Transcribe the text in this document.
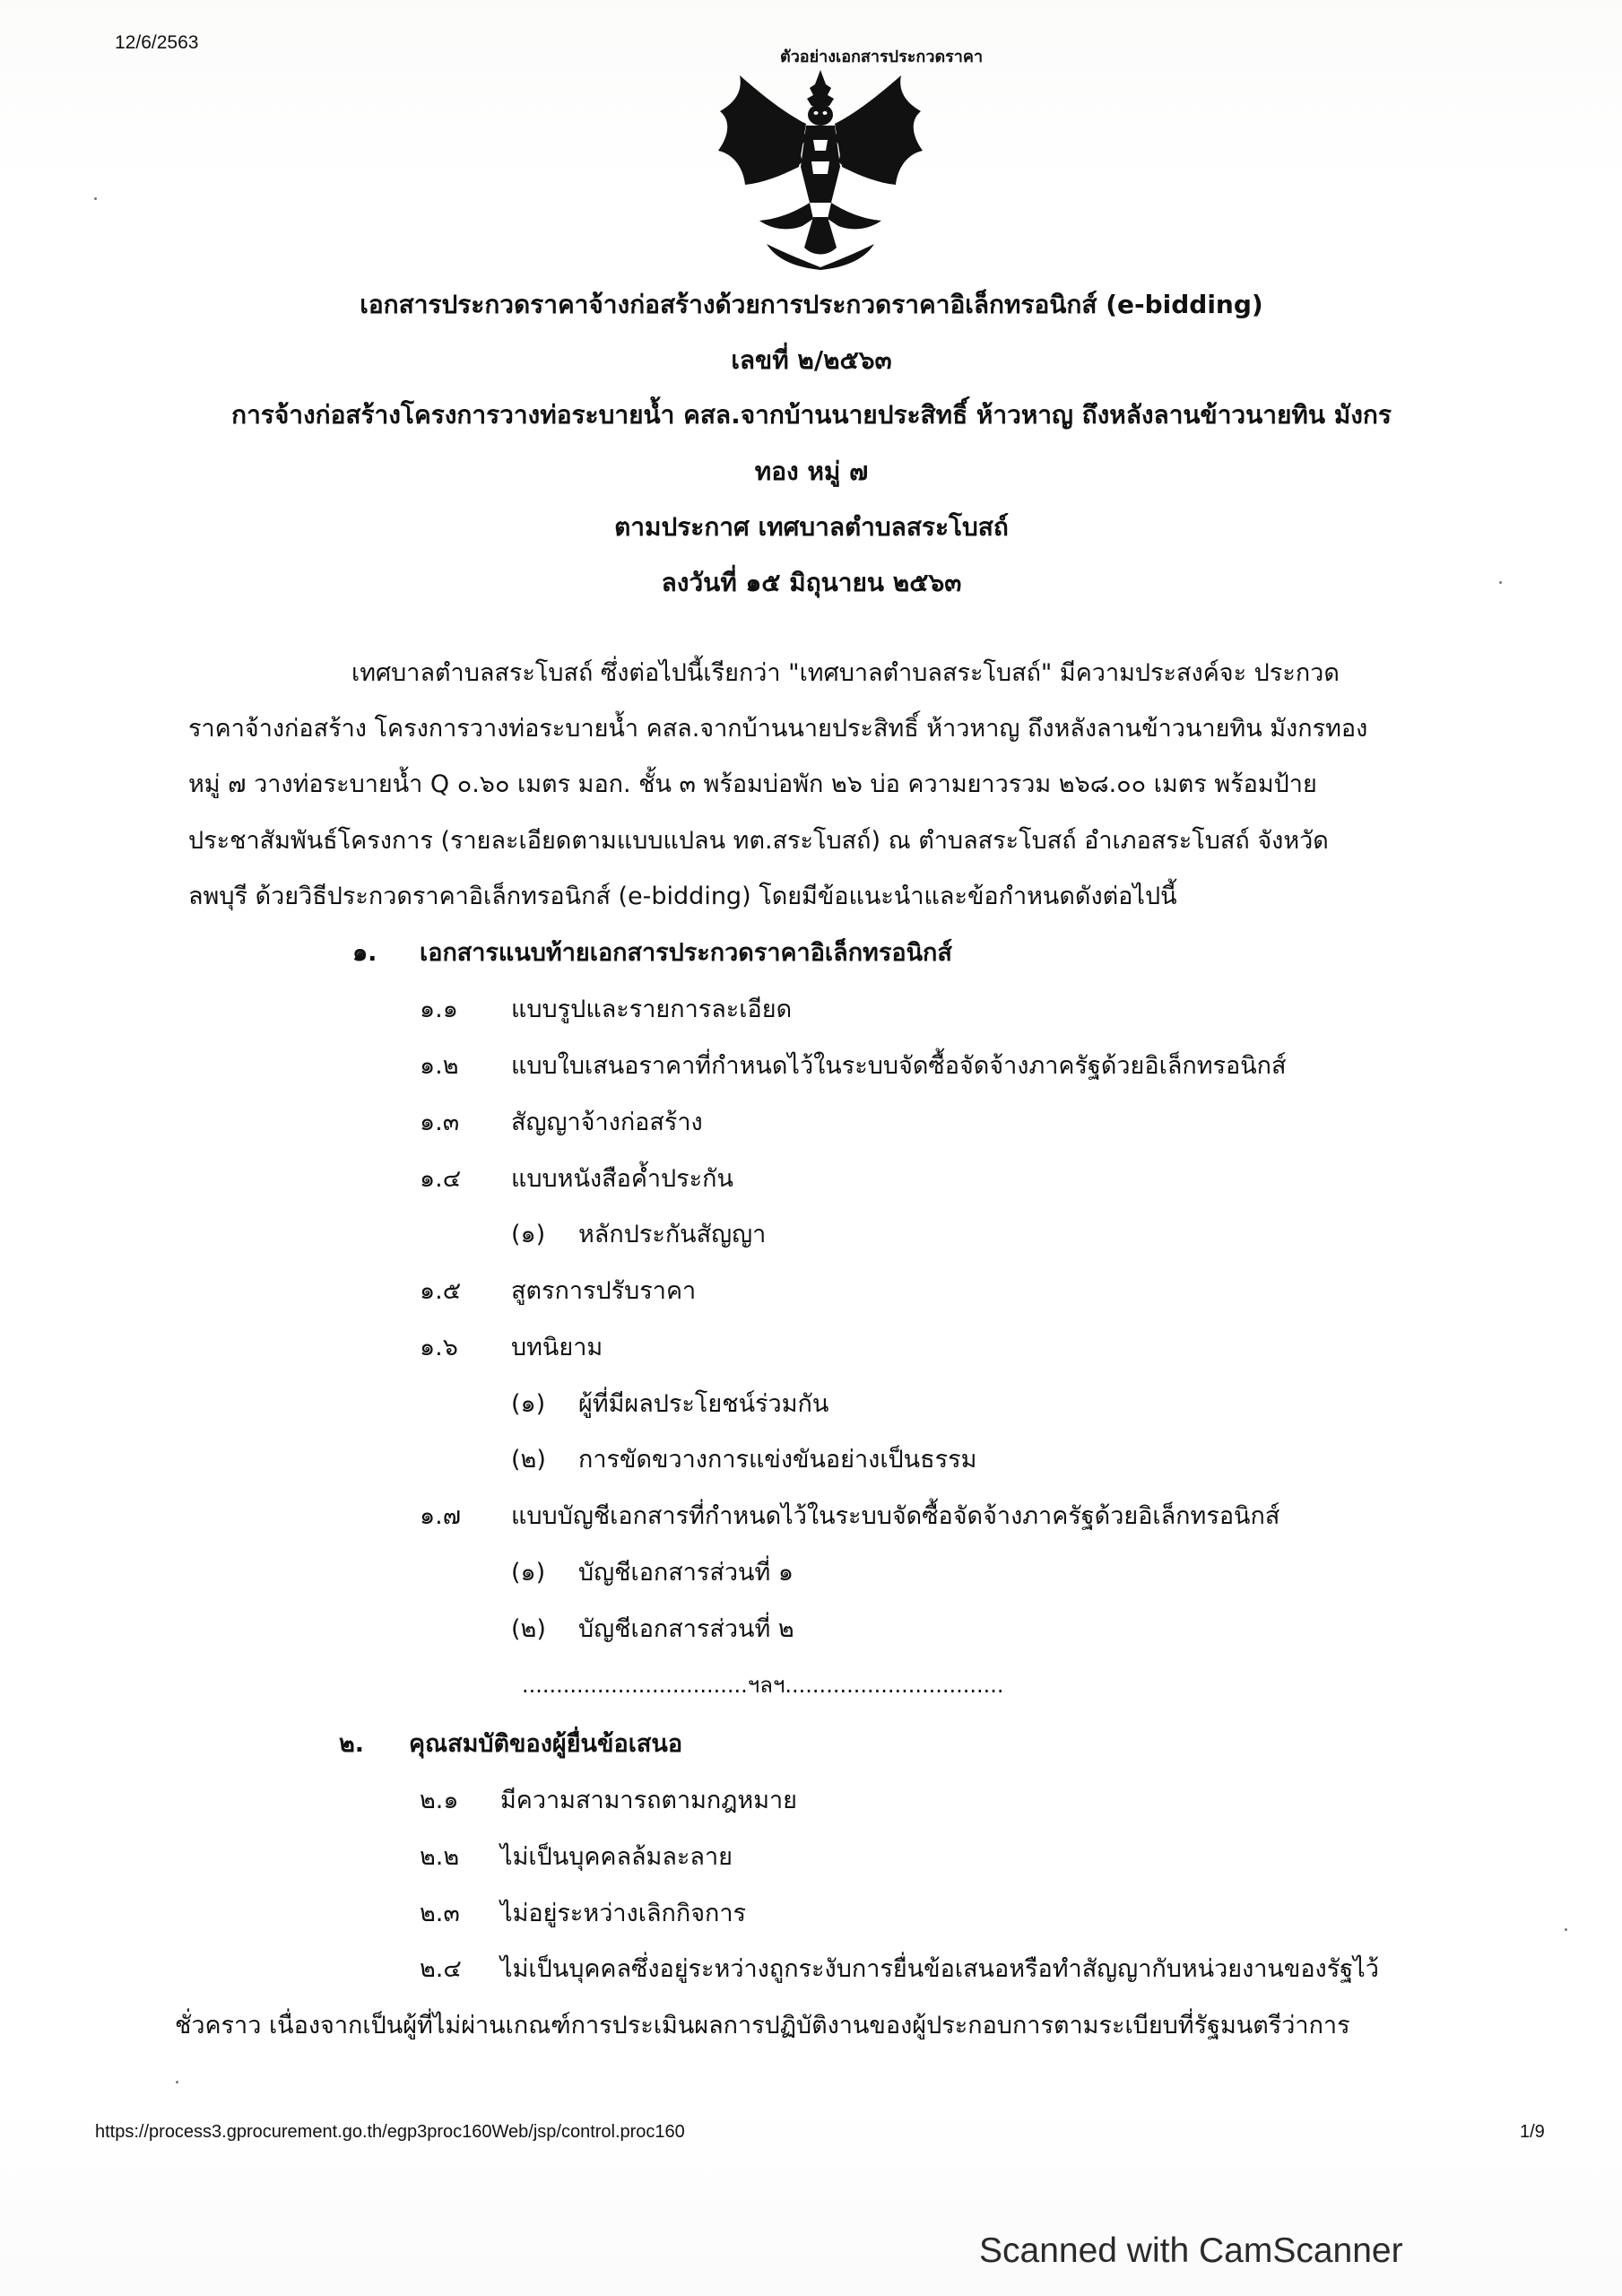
12/6/2563
ตัวอย่างเอกสารประกวดราคา
เอกสารประกวดราคาจ้างก่อสร้างด้วยการประกวดราคาอิเล็กทรอนิกส์ (e-bidding)
เลขที่ ๒/๒๕๖๓
การจ้างก่อสร้างโครงการวางท่อระบายน้ำ คสล.จากบ้านนายประสิทธิ์ ห้าวหาญ ถึงหลังลานข้าวนายทิน มังกร
ทอง หมู่ ๗
ตามประกาศ เทศบาลตำบลสระโบสถ์
ลงวันที่ ๑๕ มิถุนายน ๒๕๖๓
เทศบาลตำบลสระโบสถ์ ซึ่งต่อไปนี้เรียกว่า "เทศบาลตำบลสระโบสถ์" มีความประสงค์จะ ประกวด
ราคาจ้างก่อสร้าง โครงการวางท่อระบายน้ำ คสล.จากบ้านนายประสิทธิ์ ห้าวหาญ ถึงหลังลานข้าวนายทิน มังกรทอง
หมู่ ๗ วางท่อระบายน้ำ Q ๐.๖๐ เมตร มอก. ชั้น ๓ พร้อมบ่อพัก ๒๖ บ่อ ความยาวรวม ๒๖๘.๐๐ เมตร พร้อมป้าย
ประชาสัมพันธ์โครงการ (รายละเอียดตามแบบแปลน ทต.สระโบสถ์) ณ ตำบลสระโบสถ์ อำเภอสระโบสถ์ จังหวัด
ลพบุรี ด้วยวิธีประกวดราคาอิเล็กทรอนิกส์ (e-bidding) โดยมีข้อแนะนำและข้อกำหนดดังต่อไปนี้
๑. เอกสารแนบท้ายเอกสารประกวดราคาอิเล็กทรอนิกส์
๑.๑ แบบรูปและรายการละเอียด
๑.๒ แบบใบเสนอราคาที่กำหนดไว้ในระบบจัดซื้อจัดจ้างภาครัฐด้วยอิเล็กทรอนิกส์
๑.๓ สัญญาจ้างก่อสร้าง
๑.๔ แบบหนังสือค้ำประกัน
(๑) หลักประกันสัญญา
๑.๕ สูตรการปรับราคา
๑.๖ บทนิยาม
(๑) ผู้ที่มีผลประโยชน์ร่วมกัน
(๒) การขัดขวางการแข่งขันอย่างเป็นธรรม
๑.๗ แบบบัญชีเอกสารที่กำหนดไว้ในระบบจัดซื้อจัดจ้างภาครัฐด้วยอิเล็กทรอนิกส์
(๑) บัญชีเอกสารส่วนที่ ๑
(๒) บัญชีเอกสารส่วนที่ ๒
.................................ฯลฯ................................
๒. คุณสมบัติของผู้ยื่นข้อเสนอ
๒.๑ มีความสามารถตามกฎหมาย
๒.๒ ไม่เป็นบุคคลล้มละลาย
๒.๓ ไม่อยู่ระหว่างเลิกกิจการ
๒.๔ ไม่เป็นบุคคลซึ่งอยู่ระหว่างถูกระงับการยื่นข้อเสนอหรือทำสัญญากับหน่วยงานของรัฐไว้
ชั่วคราว เนื่องจากเป็นผู้ที่ไม่ผ่านเกณฑ์การประเมินผลการปฏิบัติงานของผู้ประกอบการตามระเบียบที่รัฐมนตรีว่าการ
https://process3.gprocurement.go.th/egp3proc160Web/jsp/control.proc160	1/9
Scanned with CamScanner
